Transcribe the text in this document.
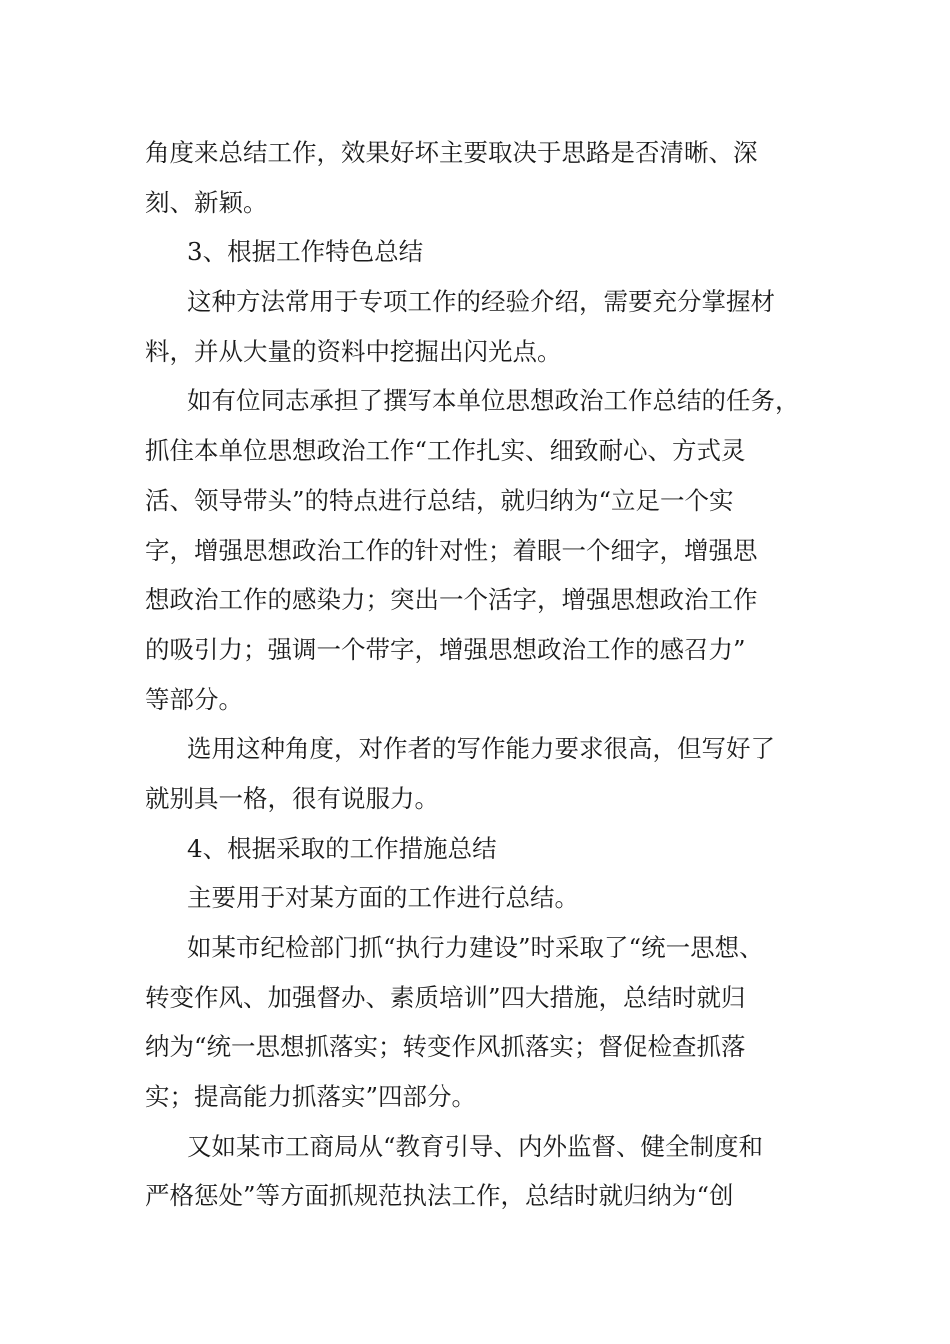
角度来总结工作，效果好坏主要取决于思路是否清晰、深
刻、新颖。
3、根据工作特色总结
这种方法常用于专项工作的经验介绍，需要充分掌握材
料，并从大量的资料中挖掘出闪光点。
如有位同志承担了撰写本单位思想政治工作总结的任务，
抓住本单位思想政治工作“工作扎实、细致耐心、方式灵
活、领导带头”的特点进行总结，就归纳为“立足一个实
字，增强思想政治工作的针对性；着眼一个细字，增强思
想政治工作的感染力；突出一个活字，增强思想政治工作
的吸引力；强调一个带字，增强思想政治工作的感召力”
等部分。
选用这种角度，对作者的写作能力要求很高，但写好了
就别具一格，很有说服力。
4、根据采取的工作措施总结
主要用于对某方面的工作进行总结。
如某市纪检部门抓“执行力建设”时采取了“统一思想、
转变作风、加强督办、素质培训”四大措施，总结时就归
纳为“统一思想抓落实；转变作风抓落实；督促检查抓落
实；提高能力抓落实”四部分。
又如某市工商局从“教育引导、内外监督、健全制度和
严格惩处”等方面抓规范执法工作，总结时就归纳为“创
